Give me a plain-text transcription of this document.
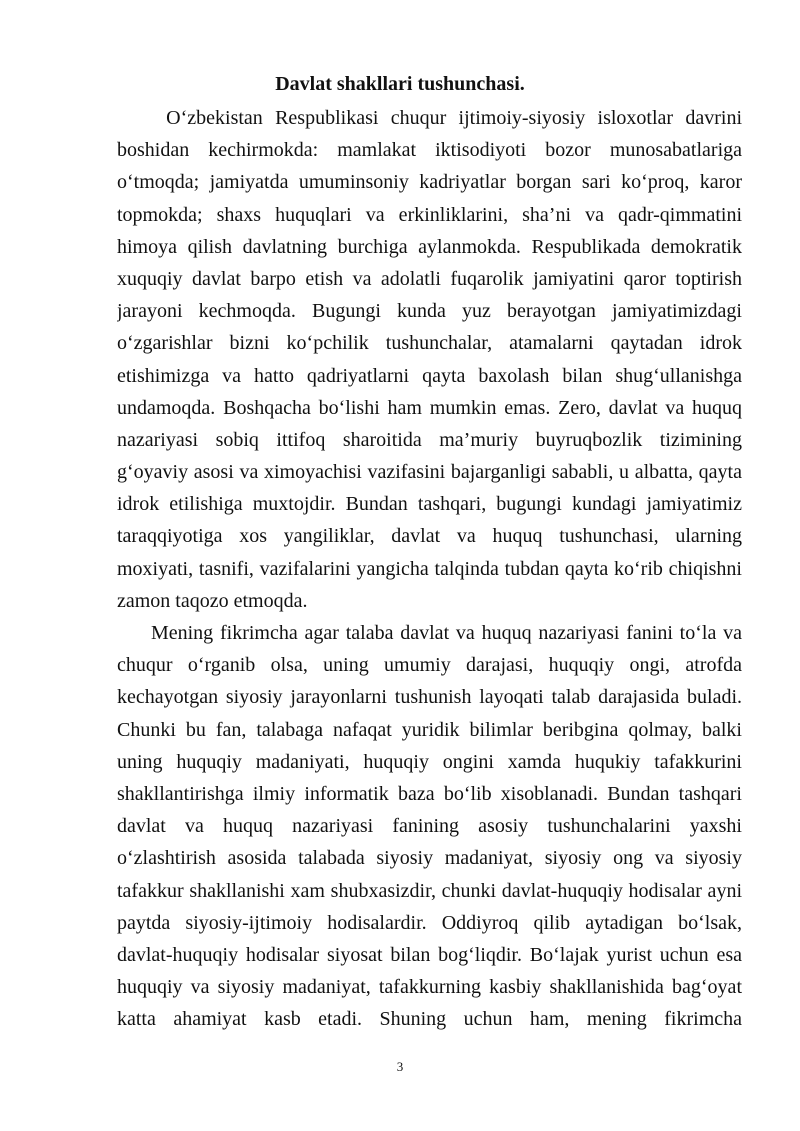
Davlat shakllari tushunchasi.
O‘zbekistan Respublikasi chuqur ijtimoiy-siyosiy isloxotlar davrini
boshidan kechirmokda: mamlakat iktisodiyoti bozor munosabatlariga
o‘tmoqda; jamiyatda umuminsoniy kadriyatlar borgan sari ko‘proq, karor
topmokda; shaxs huquqlari va erkinliklarini, sha’ni va qadr-qimmatini
himoya qilish davlatning burchiga aylanmokda. Respublikada demokratik
xuquqiy davlat barpo etish va adolatli fuqarolik jamiyatini qaror toptirish
jarayoni kechmoqda. Bugungi kunda yuz berayotgan jamiyatimizdagi
o‘zgarishlar bizni ko‘pchilik tushunchalar, atamalarni qaytadan idrok
etishimizga va hatto qadriyatlarni qayta baxolash bilan shug‘ullanishga
undamoqda. Boshqacha bo‘lishi ham mumkin emas. Zero, davlat va huquq
nazariyasi sobiq ittifoq sharoitida ma’muriy buyruqbozlik tizimining
g‘oyaviy asosi va ximoyachisi vazifasini bajarganligi sababli, u albatta, qayta
idrok etilishiga muxtojdir. Bundan tashqari, bugungi kundagi jamiyatimiz
taraqqiyotiga xos yangiliklar, davlat va huquq tushunchasi, ularning
moxiyati, tasnifi, vazifalarini yangicha talqinda tubdan qayta ko‘rib chiqishni
zamon taqozo etmoqda.
Mening fikrimcha agar talaba davlat va huquq nazariyasi fanini to‘la va
chuqur o‘rganib olsa, uning umumiy darajasi, huquqiy ongi, atrofda
kechayotgan siyosiy jarayonlarni tushunish layoqati talab darajasida buladi.
Chunki bu fan, talabaga nafaqat yuridik bilimlar beribgina qolmay, balki
uning huquqiy madaniyati, huquqiy ongini xamda huqukiy tafakkurini
shakllantirishga ilmiy informatik baza bo‘lib xisoblanadi. Bundan tashqari
davlat va huquq nazariyasi fanining asosiy tushunchalarini yaxshi
o‘zlashtirish asosida talabada siyosiy madaniyat, siyosiy ong va siyosiy
tafakkur shakllanishi xam shubxasizdir, chunki davlat-huquqiy hodisalar ayni
paytda siyosiy-ijtimoiy hodisalardir. Oddiyroq qilib aytadigan bo‘lsak,
davlat-huquqiy hodisalar siyosat bilan bog‘liqdir. Bo‘lajak yurist uchun esa
huquqiy va siyosiy madaniyat, tafakkurning kasbiy shakllanishida bag‘oyat
katta ahamiyat kasb etadi. Shuning uchun ham, mening fikrimcha
3
